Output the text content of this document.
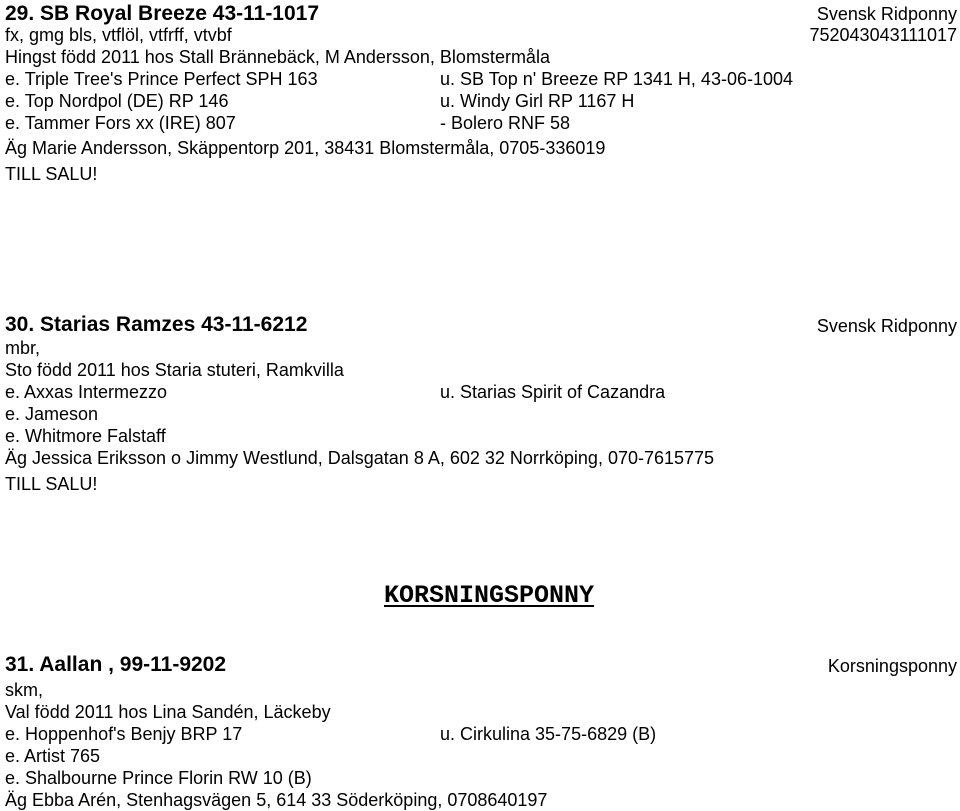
29. SB Royal Breeze 43-11-1017	Svensk Ridponny
fx, gmg bls, vtflöl, vtfrff, vtvbf	752043043111017
Hingst född 2011 hos Stall Brännebäck, M Andersson, Blomstermåla
e. Triple Tree's Prince Perfect SPH 163	u. SB Top n' Breeze RP 1341 H, 43-06-1004
e. Top Nordpol (DE) RP 146	u. Windy Girl RP 1167 H
e. Tammer Fors xx (IRE) 807	- Bolero RNF 58
Äg Marie Andersson, Skäppentorp 201, 38431 Blomstermåla, 0705-336019
TILL SALU!
30. Starias Ramzes 43-11-6212	Svensk Ridponny
mbr,
Sto född 2011 hos Staria stuteri, Ramkvilla
e. Axxas Intermezzo	u. Starias Spirit of Cazandra
e. Jameson
e. Whitmore Falstaff
Äg Jessica Eriksson o Jimmy Westlund, Dalsgatan 8 A, 602 32 Norrköping, 070-7615775
TILL SALU!
KORSNINGSPONNY
31. Aallan , 99-11-9202	Korsningsponny
skm,
Val född 2011 hos Lina Sandén, Läckeby
e. Hoppenhof's Benjy BRP 17	u. Cirkulina 35-75-6829 (B)
e. Artist 765
e. Shalbourne Prince Florin RW 10 (B)
Äg Ebba Arén, Stenhagsvägen 5, 614 33 Söderköping, 0708640197
